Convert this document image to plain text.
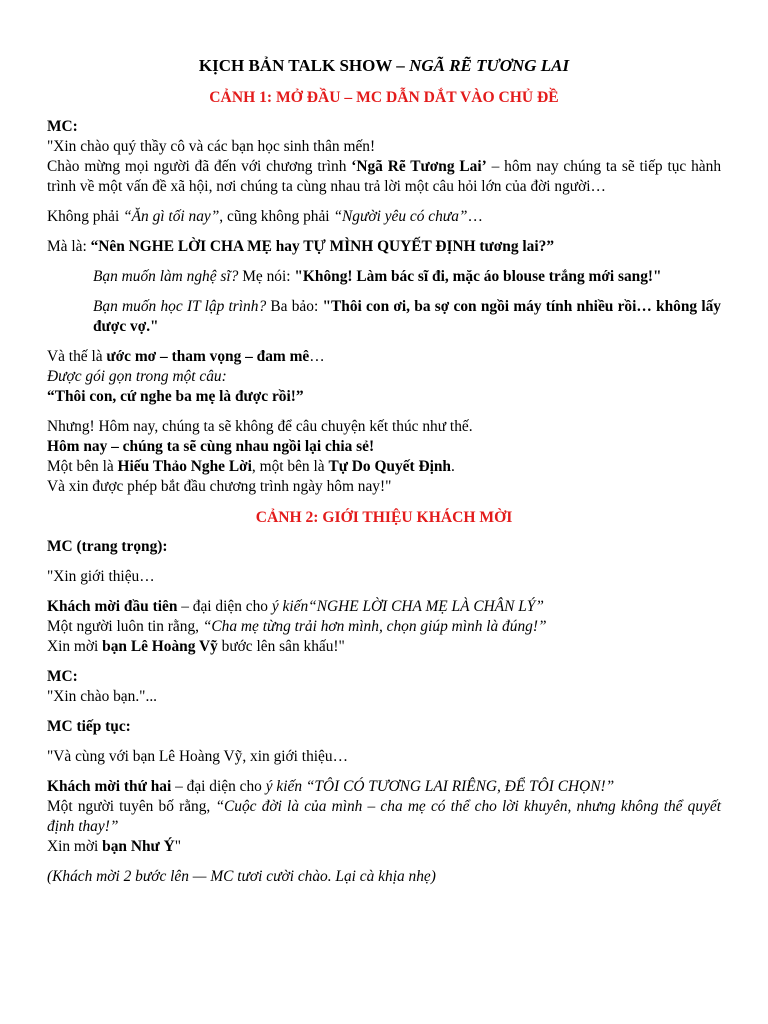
KỊCH BẢN TALK SHOW – NGÃ RẼ TƯƠNG LAI
CẢNH 1: MỞ ĐẦU – MC DẪN DẮT VÀO CHỦ ĐỀ

MC:

"Xin chào quý thầy cô và các bạn học sinh thân mến!

Chào mừng mọi người đã đến với chương trình ‘Ngã Rẽ Tương Lai’ – hôm nay chúng ta sẽ tiếp tục hành trình về một vấn đề xã hội, nơi chúng ta cùng nhau trả lời một câu hỏi lớn của đời người…

Không phải “Ăn gì tối nay”, cũng không phải “Người yêu có chưa”…

Mà là: “Nên NGHE LỜI CHA MẸ hay TỰ MÌNH QUYẾT ĐỊNH tương lai?”

Bạn muốn làm nghệ sĩ? Mẹ nói: "Không! Làm bác sĩ đi, mặc áo blouse trắng mới sang!"

Bạn muốn học IT lập trình? Ba bảo: "Thôi con ơi, ba sợ con ngồi máy tính nhiều rồi… không lấy được vợ."

Và thế là ước mơ – tham vọng – đam mê…

Được gói gọn trong một câu:

“Thôi con, cứ nghe ba mẹ là được rồi!”

Nhưng! Hôm nay, chúng ta sẽ không để câu chuyện kết thúc như thế.

Hôm nay – chúng ta sẽ cùng nhau ngồi lại chia sẻ!

Một bên là Hiếu Thảo Nghe Lời, một bên là Tự Do Quyết Định.

Và xin được phép bắt đầu chương trình ngày hôm nay!"

CẢNH 2: GIỚI THIỆU KHÁCH MỜI

MC (trang trọng):

"Xin giới thiệu…

Khách mời đầu tiên – đại diện cho ý kiến“NGHE LỜI CHA MẸ LÀ CHÂN LÝ”

Một người luôn tin rằng, “Cha mẹ từng trải hơn mình, chọn giúp mình là đúng!”

Xin mời bạn Lê Hoàng Vỹ bước lên sân khấu!"

MC:

"Xin chào bạn."...

MC tiếp tục:

"Và cùng với bạn Lê Hoàng Vỹ, xin giới thiệu…

Khách mời thứ hai – đại diện cho ý kiến “TÔI CÓ TƯƠNG LAI RIÊNG, ĐỂ TÔI CHỌN!”

Một người tuyên bố rằng, “Cuộc đời là của mình – cha mẹ có thể cho lời khuyên, nhưng không thể quyết định thay!”

Xin mời bạn Như Ý"

(Khách mời 2 bước lên — MC tươi cười chào. Lại cà khịa nhẹ)
